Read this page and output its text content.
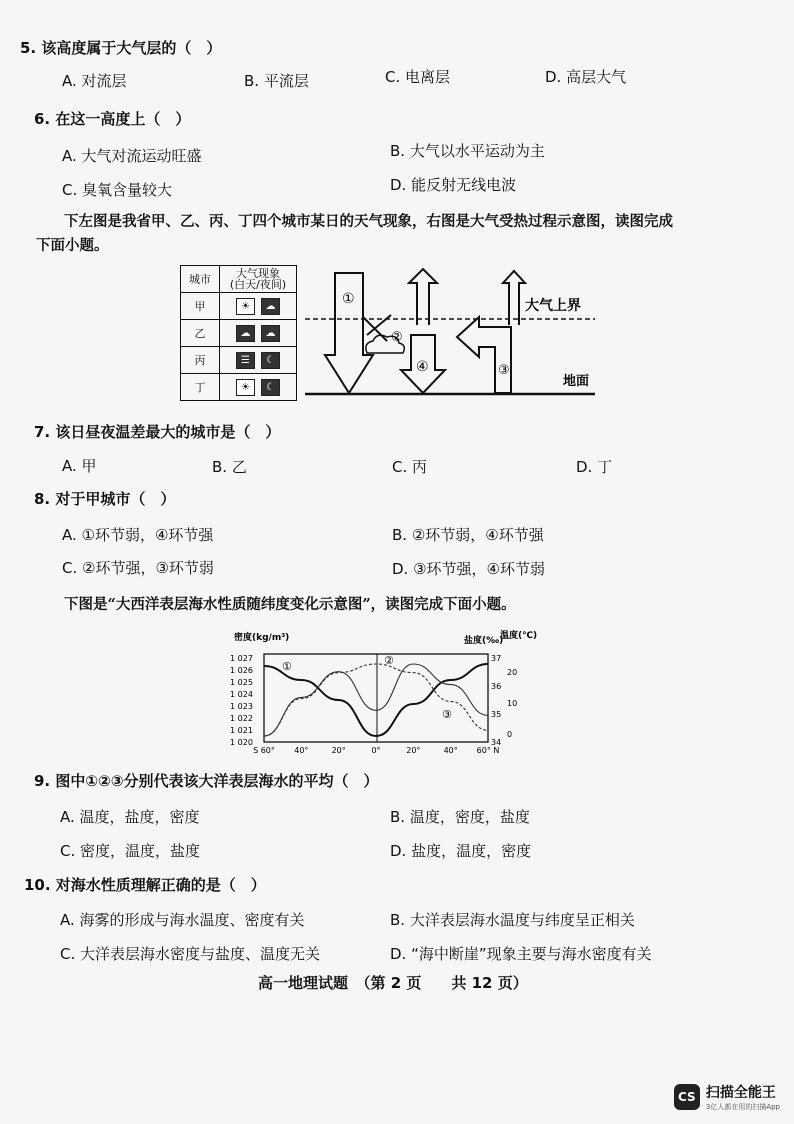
5. 该高度属于大气层的（　）
A. 对流层	B. 平流层	C. 电离层	D. 高层大气
6. 在这一高度上（　）
A. 大气对流运动旺盛	B. 大气以水平运动为主
C. 臭氧含量较大	D. 能反射无线电波
下左图是我省甲、乙、丙、丁四个城市某日的天气现象，右图是大气受热过程示意图，读图完成
下面小题。
城市	大气现象
(白天/夜间)

甲	☀ ☁
乙	☁ ☁
丙	☰ ☾
丁	☀ ☾
①
②
④	③
大气上界
地面
7. 该日昼夜温差最大的城市是（　）
A. 甲	B. 乙	C. 丙	D. 丁
8. 对于甲城市（　）
A. ①环节弱，④环节强	B. ②环节弱，④环节强
C. ②环节强，③环节弱	D. ③环节强，④环节弱
下图是“大西洋表层海水性质随纬度变化示意图”，读图完成下面小题。
密度(kg/m³)	盐度(‰)
温度(℃)
1 027
1 026
1 025
1 024
1 023
1 022
1 021
1 020
37
36
35
34
20
10
0
S 60° 40°	20°	0°	20°	40° 60° N
①	②
③
9. 图中①②③分别代表该大洋表层海水的平均（　）
A. 温度，盐度，密度	B. 温度，密度，盐度
C. 密度，温度，盐度	D. 盐度，温度，密度
10. 对海水性质理解正确的是（　）
A. 海雾的形成与海水温度、密度有关	B. 大洋表层海水温度与纬度呈正相关
C. 大洋表层海水密度与盐度、温度无关	D. “海中断崖”现象主要与海水密度有关
高一地理试题　（第 2 页　　共 12 页）
CS 扫描全能王
3亿人都在用的扫描App
